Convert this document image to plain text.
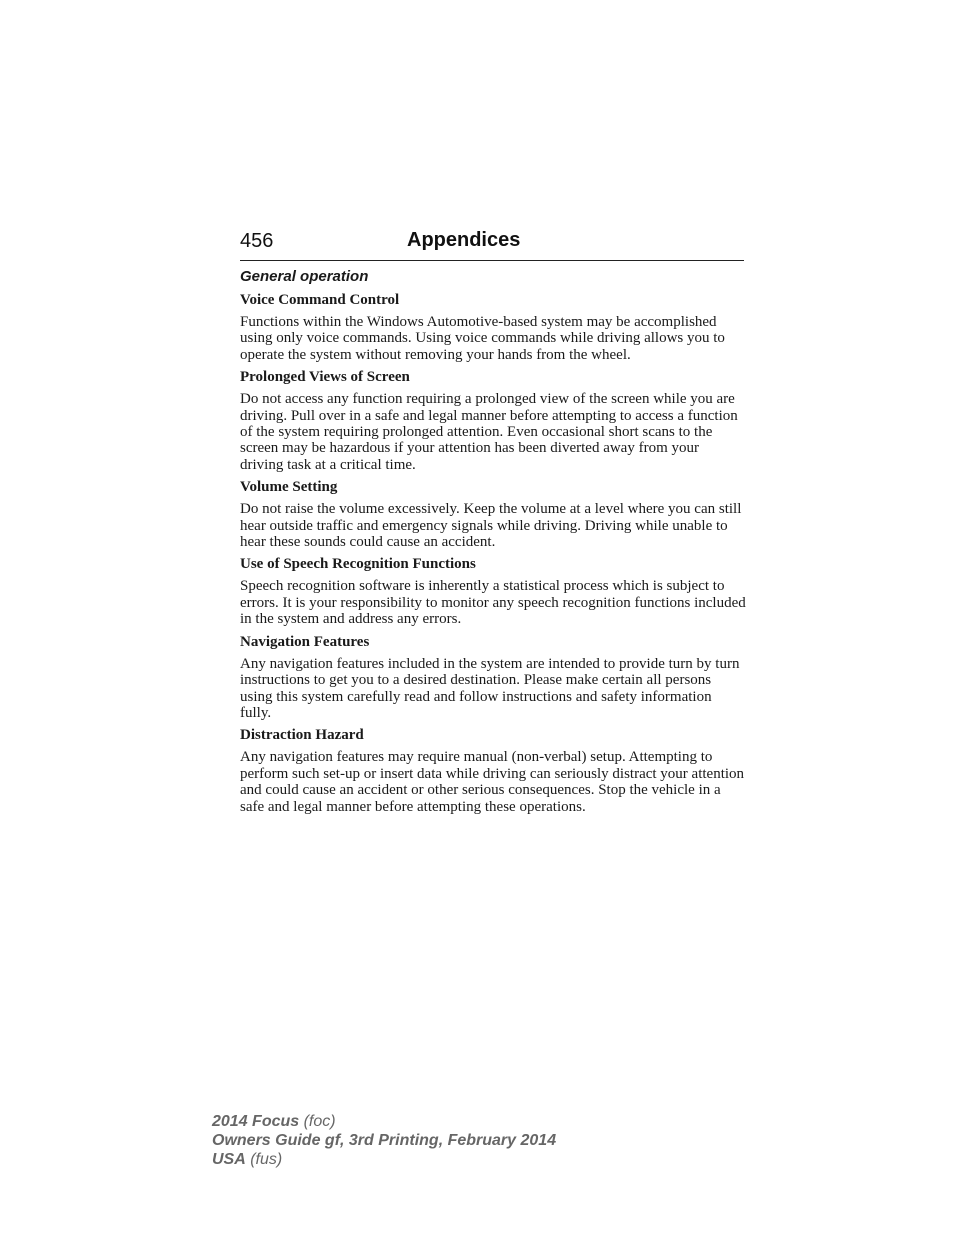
456	Appendices
General operation
Voice Command Control
Functions within the Windows Automotive-based system may be accomplished using only voice commands. Using voice commands while driving allows you to operate the system without removing your hands from the wheel.
Prolonged Views of Screen
Do not access any function requiring a prolonged view of the screen while you are driving. Pull over in a safe and legal manner before attempting to access a function of the system requiring prolonged attention. Even occasional short scans to the screen may be hazardous if your attention has been diverted away from your driving task at a critical time.
Volume Setting
Do not raise the volume excessively. Keep the volume at a level where you can still hear outside traffic and emergency signals while driving. Driving while unable to hear these sounds could cause an accident.
Use of Speech Recognition Functions
Speech recognition software is inherently a statistical process which is subject to errors. It is your responsibility to monitor any speech recognition functions included in the system and address any errors.
Navigation Features
Any navigation features included in the system are intended to provide turn by turn instructions to get you to a desired destination. Please make certain all persons using this system carefully read and follow instructions and safety information fully.
Distraction Hazard
Any navigation features may require manual (non-verbal) setup. Attempting to perform such set-up or insert data while driving can seriously distract your attention and could cause an accident or other serious consequences. Stop the vehicle in a safe and legal manner before attempting these operations.
2014 Focus (foc)
Owners Guide gf, 3rd Printing, February 2014
USA (fus)
